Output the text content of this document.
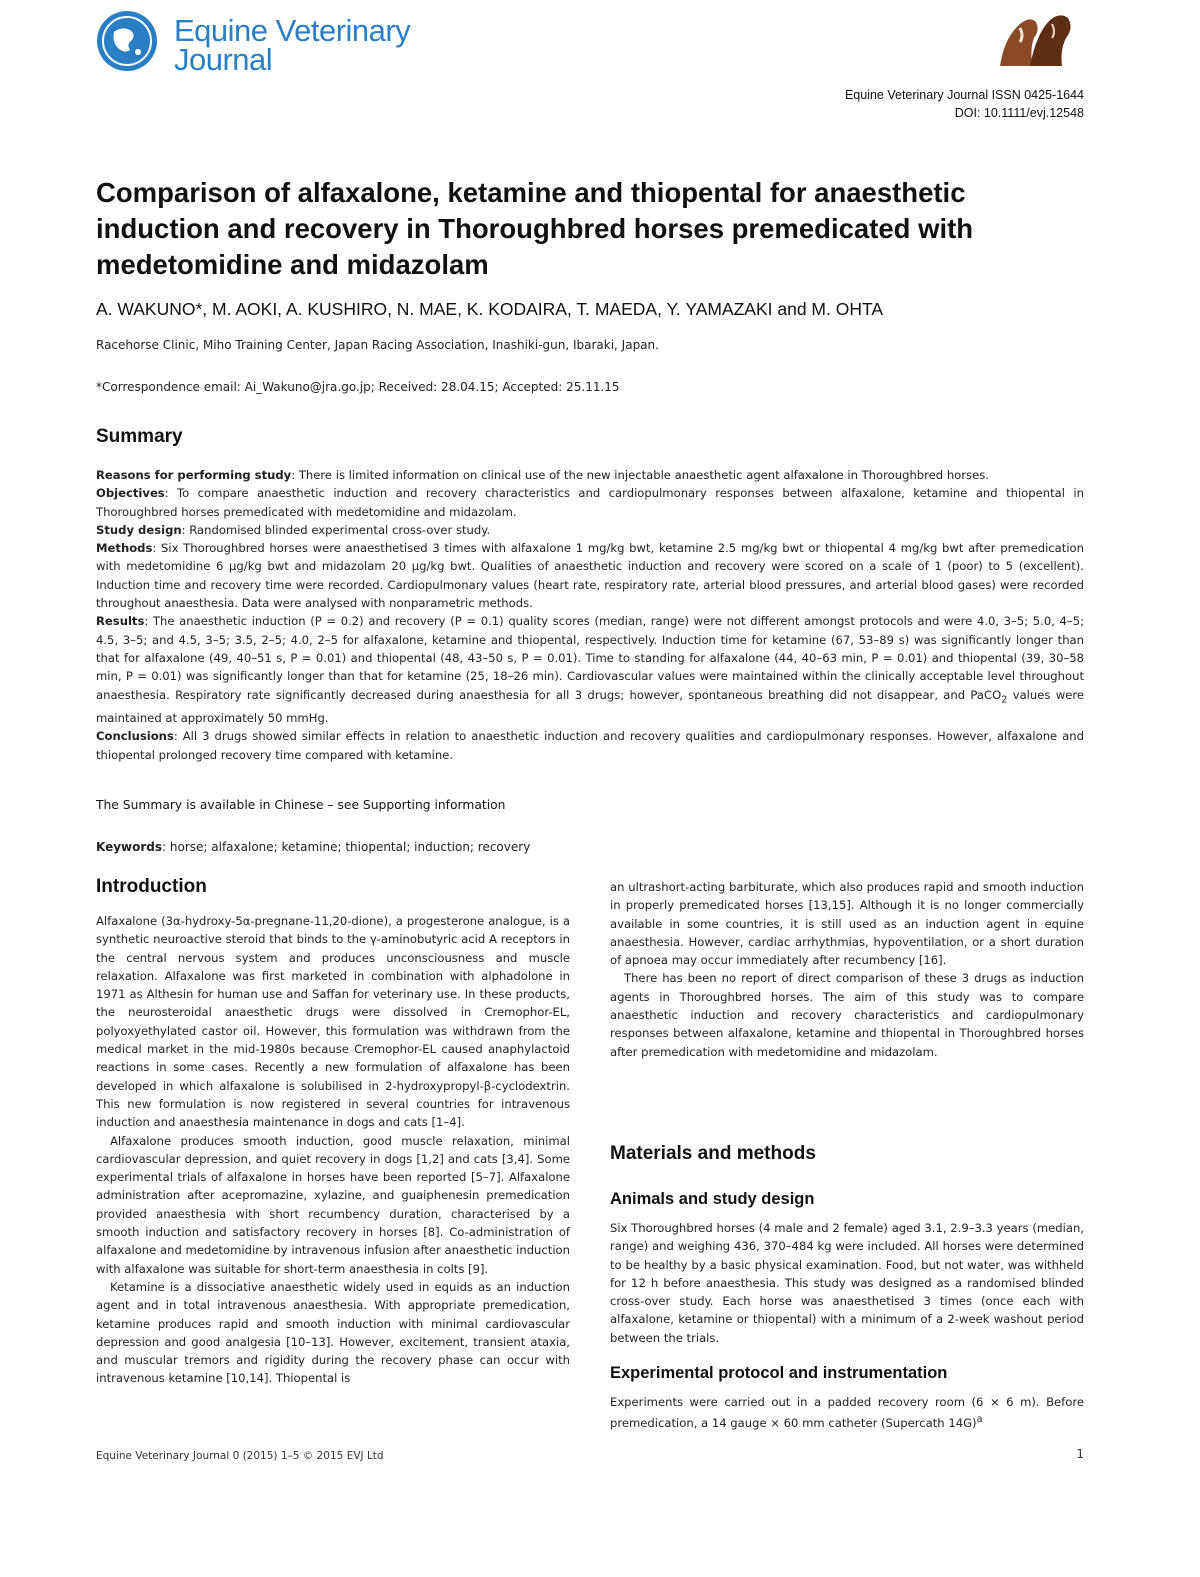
Equine Veterinary
Journal
Equine Veterinary Journal ISSN 0425-1644
DOI: 10.1111/evj.12548
Comparison of alfaxalone, ketamine and thiopental for anaesthetic induction and recovery in Thoroughbred horses premedicated with medetomidine and midazolam
A. WAKUNO*, M. AOKI, A. KUSHIRO, N. MAE, K. KODAIRA, T. MAEDA, Y. YAMAZAKI and M. OHTA
Racehorse Clinic, Miho Training Center, Japan Racing Association, Inashiki-gun, Ibaraki, Japan.
*Correspondence email: Ai_Wakuno@jra.go.jp; Received: 28.04.15; Accepted: 25.11.15
Summary

Reasons for performing study: There is limited information on clinical use of the new injectable anaesthetic agent alfaxalone in Thoroughbred horses.

Objectives: To compare anaesthetic induction and recovery characteristics and cardiopulmonary responses between alfaxalone, ketamine and thiopental in Thoroughbred horses premedicated with medetomidine and midazolam.

Study design: Randomised blinded experimental cross-over study.

Methods: Six Thoroughbred horses were anaesthetised 3 times with alfaxalone 1 mg/kg bwt, ketamine 2.5 mg/kg bwt or thiopental 4 mg/kg bwt after premedication with medetomidine 6 μg/kg bwt and midazolam 20 μg/kg bwt. Qualities of anaesthetic induction and recovery were scored on a scale of 1 (poor) to 5 (excellent). Induction time and recovery time were recorded. Cardiopulmonary values (heart rate, respiratory rate, arterial blood pressures, and arterial blood gases) were recorded throughout anaesthesia. Data were analysed with nonparametric methods.

Results: The anaesthetic induction (P = 0.2) and recovery (P = 0.1) quality scores (median, range) were not different amongst protocols and were 4.0, 3–5; 5.0, 4–5; 4.5, 3–5; and 4.5, 3–5; 3.5, 2–5; 4.0, 2–5 for alfaxalone, ketamine and thiopental, respectively. Induction time for ketamine (67, 53–89 s) was significantly longer than that for alfaxalone (49, 40–51 s, P = 0.01) and thiopental (48, 43–50 s, P = 0.01). Time to standing for alfaxalone (44, 40–63 min, P = 0.01) and thiopental (39, 30–58 min, P = 0.01) was significantly longer than that for ketamine (25, 18–26 min). Cardiovascular values were maintained within the clinically acceptable level throughout anaesthesia. Respiratory rate significantly decreased during anaesthesia for all 3 drugs; however, spontaneous breathing did not disappear, and PaCO$_2$ values were maintained at approximately 50 mmHg.

Conclusions: All 3 drugs showed similar effects in relation to anaesthetic induction and recovery qualities and cardiopulmonary responses. However, alfaxalone and thiopental prolonged recovery time compared with ketamine.

The Summary is available in Chinese – see Supporting information
Keywords: horse; alfaxalone; ketamine; thiopental; induction; recovery
Introduction

Alfaxalone (3α-hydroxy-5α-pregnane-11,20-dione), a progesterone analogue, is a synthetic neuroactive steroid that binds to the γ-aminobutyric acid A receptors in the central nervous system and produces unconsciousness and muscle relaxation. Alfaxalone was first marketed in combination with alphadolone in 1971 as Althesin for human use and Saffan for veterinary use. In these products, the neurosteroidal anaesthetic drugs were dissolved in Cremophor-EL, polyoxyethylated castor oil. However, this formulation was withdrawn from the medical market in the mid-1980s because Cremophor-EL caused anaphylactoid reactions in some cases. Recently a new formulation of alfaxalone has been developed in which alfaxalone is solubilised in 2-hydroxypropyl-β-cyclodextrin. This new formulation is now registered in several countries for intravenous induction and anaesthesia maintenance in dogs and cats [1–4].

Alfaxalone produces smooth induction, good muscle relaxation, minimal cardiovascular depression, and quiet recovery in dogs [1,2] and cats [3,4]. Some experimental trials of alfaxalone in horses have been reported [5–7]. Alfaxalone administration after acepromazine, xylazine, and guaiphenesin premedication provided anaesthesia with short recumbency duration, characterised by a smooth induction and satisfactory recovery in horses [8]. Co-administration of alfaxalone and medetomidine by intravenous infusion after anaesthetic induction with alfaxalone was suitable for short-term anaesthesia in colts [9].

Ketamine is a dissociative anaesthetic widely used in equids as an induction agent and in total intravenous anaesthesia. With appropriate premedication, ketamine produces rapid and smooth induction with minimal cardiovascular depression and good analgesia [10–13]. However, excitement, transient ataxia, and muscular tremors and rigidity during the recovery phase can occur with intravenous ketamine [10,14]. Thiopental is

an ultrashort-acting barbiturate, which also produces rapid and smooth induction in properly premedicated horses [13,15]. Although it is no longer commercially available in some countries, it is still used as an induction agent in equine anaesthesia. However, cardiac arrhythmias, hypoventilation, or a short duration of apnoea may occur immediately after recumbency [16].

There has been no report of direct comparison of these 3 drugs as induction agents in Thoroughbred horses. The aim of this study was to compare anaesthetic induction and recovery characteristics and cardiopulmonary responses between alfaxalone, ketamine and thiopental in Thoroughbred horses after premedication with medetomidine and midazolam.

Materials and methods
Animals and study design

Six Thoroughbred horses (4 male and 2 female) aged 3.1, 2.9–3.3 years (median, range) and weighing 436, 370–484 kg were included. All horses were determined to be healthy by a basic physical examination. Food, but not water, was withheld for 12 h before anaesthesia. This study was designed as a randomised blinded cross-over study. Each horse was anaesthetised 3 times (once each with alfaxalone, ketamine or thiopental) with a minimum of a 2-week washout period between the trials.

Experimental protocol and instrumentation

Experiments were carried out in a padded recovery room (6 × 6 m). Before premedication, a 14 gauge × 60 mm catheter (Supercath 14G)$^a$

Equine Veterinary Journal 0 (2015) 1–5 © 2015 EVJ Ltd	1
